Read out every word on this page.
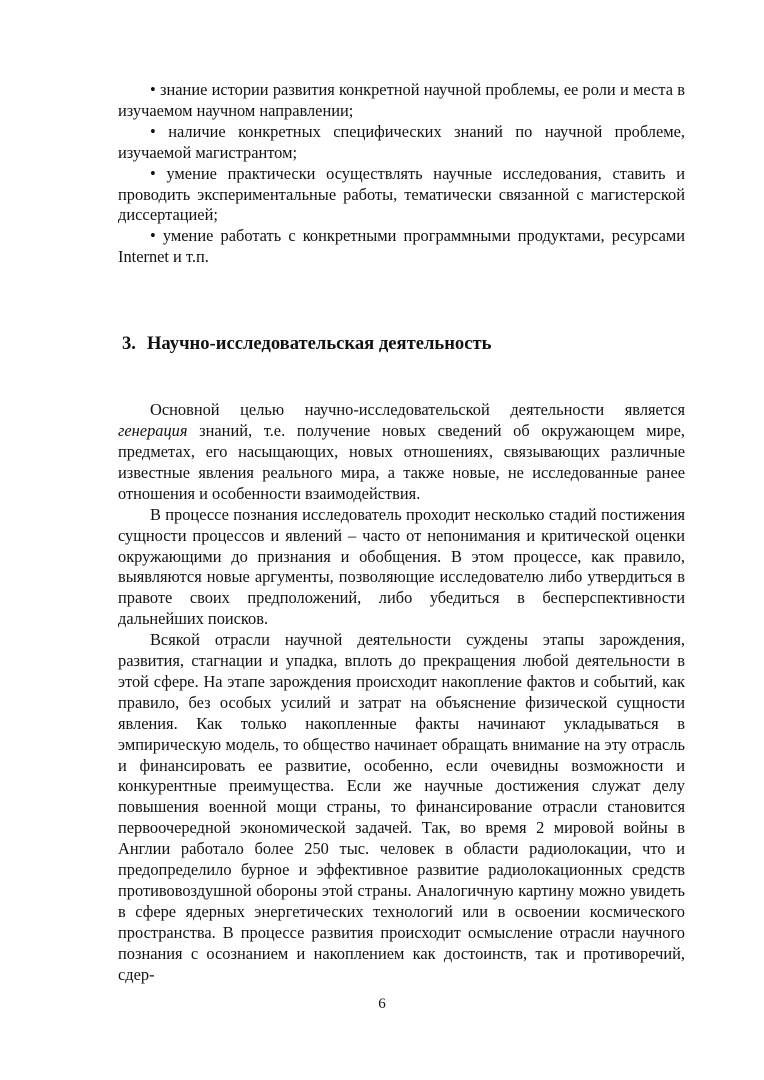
• знание истории развития конкретной научной проблемы, ее роли и места в изучаемом научном направлении;

• наличие конкретных специфических знаний по научной проблеме, изучаемой магистрантом;

• умение практически осуществлять научные исследования, ставить и проводить экспериментальные работы, тематически связанной с магистерской диссертацией;

• умение работать с конкретными программными продуктами, ресурсами Internet и т.п.

3. Научно-исследовательская деятельность

Основной целью научно-исследовательской деятельности является генерация знаний, т.е. получение новых сведений об окружающем мире, предметах, его насыщающих, новых отношениях, связывающих различные известные явления реального мира, а также новые, не исследованные ранее отношения и особенности взаимодействия.

В процессе познания исследователь проходит несколько стадий постижения сущности процессов и явлений – часто от непонимания и критической оценки окружающими до признания и обобщения. В этом процессе, как правило, выявляются новые аргументы, позволяющие исследователю либо утвердиться в правоте своих предположений, либо убедиться в бесперспективности дальнейших поисков.

Всякой отрасли научной деятельности суждены этапы зарождения, развития, стагнации и упадка, вплоть до прекращения любой деятельности в этой сфере. На этапе зарождения происходит накопление фактов и событий, как правило, без особых усилий и затрат на объяснение физической сущности явления. Как только накопленные факты начинают укладываться в эмпирическую модель, то общество начинает обращать внимание на эту отрасль и финансировать ее развитие, особенно, если очевидны возможности и конкурентные преимущества. Если же научные достижения служат делу повышения военной мощи страны, то финансирование отрасли становится первоочередной экономической задачей. Так, во время 2 мировой войны в Англии работало более 250 тыс. человек в области радиолокации, что и предопределило бурное и эффективное развитие радиолокационных средств противовоздушной обороны этой страны. Аналогичную картину можно увидеть в сфере ядерных энергетических технологий или в освоении космического пространства. В процессе развития происходит осмысление отрасли научного познания с осознанием и накоплением как достоинств, так и противоречий, сдер-

6
